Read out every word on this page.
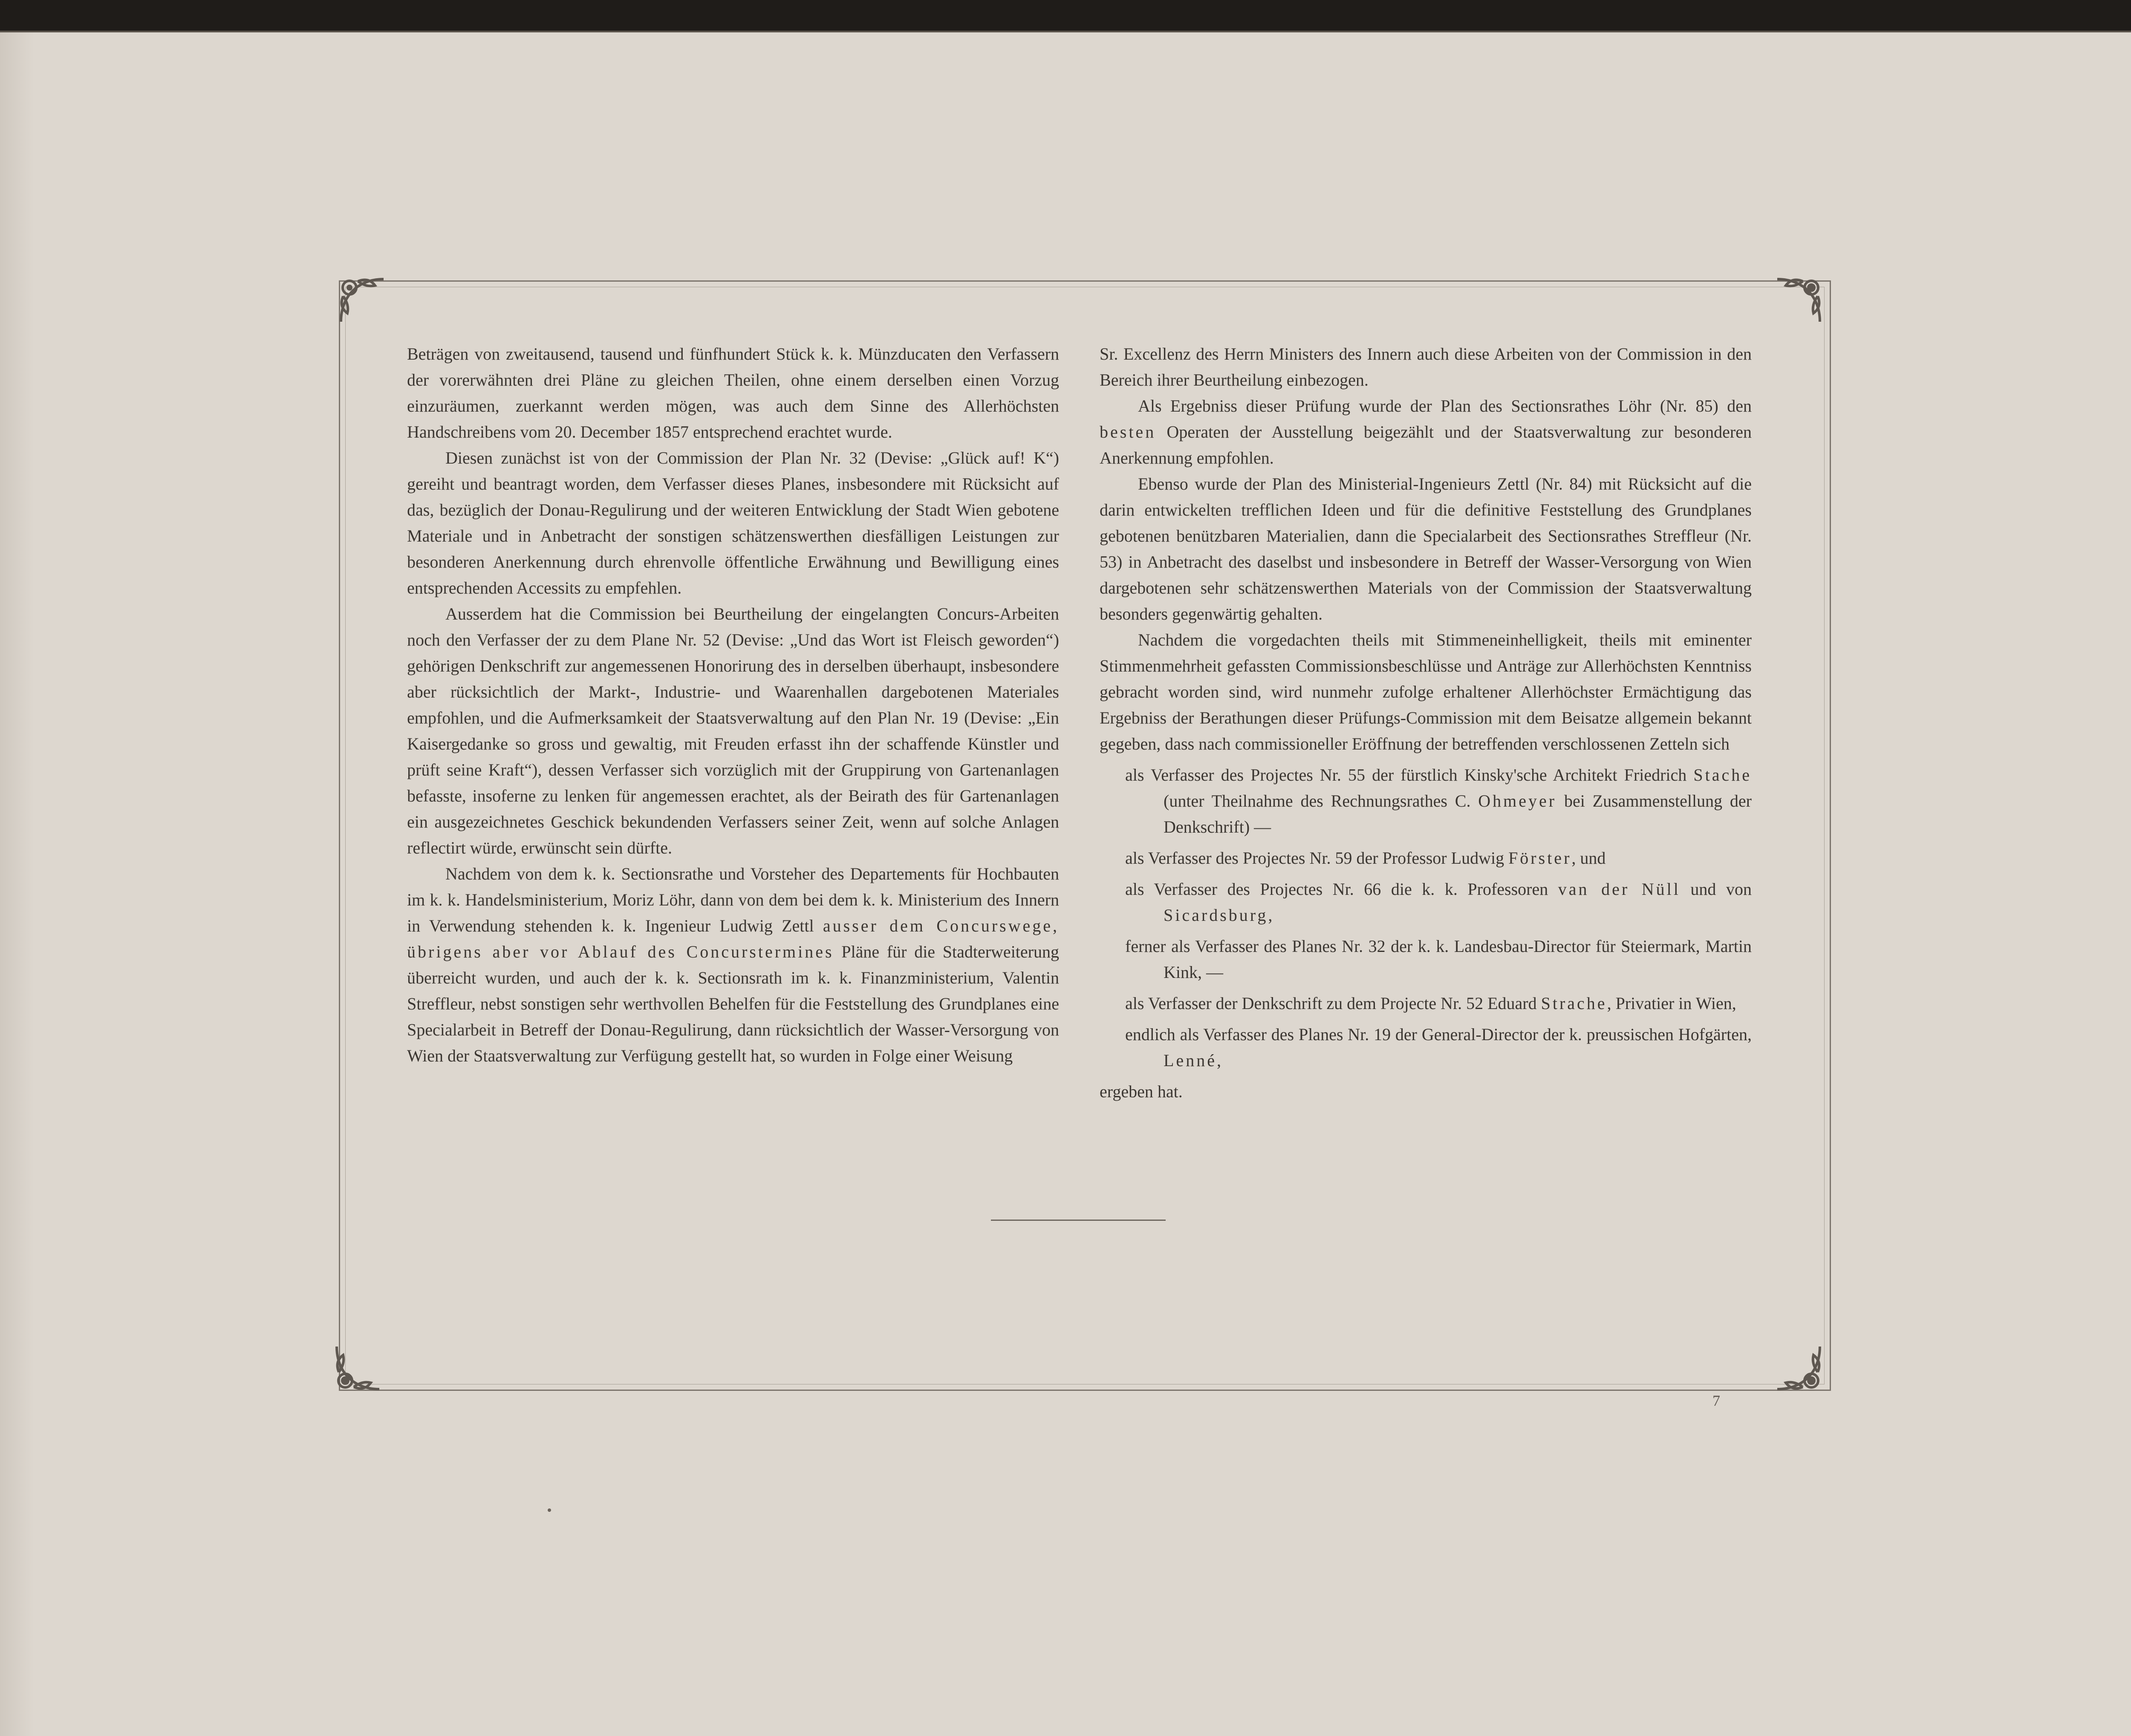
Beträgen von zweitausend, tausend und fünfhundert Stück k. k. Münzducaten den Verfassern der vorerwähnten drei Pläne zu gleichen Theilen, ohne einem derselben einen Vorzug einzuräumen, zuerkannt werden mögen, was auch dem Sinne des Allerhöchsten Handschreibens vom 20. December 1857 entsprechend erachtet wurde.

Diesen zunächst ist von der Commission der Plan Nr. 32 (Devise: „Glück auf! K“) gereiht und beantragt worden, dem Verfasser dieses Planes, insbesondere mit Rücksicht auf das, bezüglich der Donau-Regulirung und der weiteren Entwicklung der Stadt Wien gebotene Materiale und in Anbetracht der sonstigen schätzenswerthen diesfälligen Leistungen zur besonderen Anerkennung durch ehrenvolle öffentliche Erwähnung und Bewilligung eines entsprechenden Accessits zu empfehlen.

Ausserdem hat die Commission bei Beurtheilung der eingelangten Concurs-Arbeiten noch den Verfasser der zu dem Plane Nr. 52 (Devise: „Und das Wort ist Fleisch geworden“) gehörigen Denkschrift zur angemessenen Honorirung des in derselben überhaupt, insbesondere aber rücksichtlich der Markt-, Industrie- und Waarenhallen dargebotenen Materiales empfohlen, und die Aufmerksamkeit der Staatsverwaltung auf den Plan Nr. 19 (Devise: „Ein Kaisergedanke so gross und gewaltig, mit Freuden erfasst ihn der schaffende Künstler und prüft seine Kraft“), dessen Verfasser sich vorzüglich mit der Gruppirung von Gartenanlagen befasste, insoferne zu lenken für angemessen erachtet, als der Beirath des für Gartenanlagen ein ausgezeichnetes Geschick bekundenden Verfassers seiner Zeit, wenn auf solche Anlagen reflectirt würde, erwünscht sein dürfte.

Nachdem von dem k. k. Sectionsrathe und Vorsteher des Departements für Hochbauten im k. k. Handelsministerium, Moriz Löhr, dann von dem bei dem k. k. Ministerium des Innern in Verwendung stehenden k. k. Ingenieur Ludwig Zettl ausser dem Concurswege, übrigens aber vor Ablauf des Concurstermines Pläne für die Stadterweiterung überreicht wurden, und auch der k. k. Sectionsrath im k. k. Finanzministerium, Valentin Streffleur, nebst sonstigen sehr werthvollen Behelfen für die Feststellung des Grundplanes eine Specialarbeit in Betreff der Donau-Regulirung, dann rücksichtlich der Wasser-Versorgung von Wien der Staatsverwaltung zur Verfügung gestellt hat, so wurden in Folge einer Weisung

Sr. Excellenz des Herrn Ministers des Innern auch diese Arbeiten von der Commission in den Bereich ihrer Beurtheilung einbezogen.

Als Ergebniss dieser Prüfung wurde der Plan des Sectionsrathes Löhr (Nr. 85) den besten Operaten der Ausstellung beigezählt und der Staatsverwaltung zur besonderen Anerkennung empfohlen.

Ebenso wurde der Plan des Ministerial-Ingenieurs Zettl (Nr. 84) mit Rücksicht auf die darin entwickelten trefflichen Ideen und für die definitive Feststellung des Grundplanes gebotenen benützbaren Materialien, dann die Specialarbeit des Sectionsrathes Streffleur (Nr. 53) in Anbetracht des daselbst und insbesondere in Betreff der Wasser-Versorgung von Wien dargebotenen sehr schätzenswerthen Materials von der Commission der Staatsverwaltung besonders gegenwärtig gehalten.

Nachdem die vorgedachten theils mit Stimmeneinhelligkeit, theils mit eminenter Stimmenmehrheit gefassten Commissionsbeschlüsse und Anträge zur Allerhöchsten Kenntniss gebracht worden sind, wird nunmehr zufolge erhaltener Allerhöchster Ermächtigung das Ergebniss der Berathungen dieser Prüfungs-Commission mit dem Beisatze allgemein bekannt gegeben, dass nach commissioneller Eröffnung der betreffenden verschlossenen Zetteln sich

als Verfasser des Projectes Nr. 55 der fürstlich Kinsky'sche Architekt Friedrich Stache (unter Theilnahme des Rechnungsrathes C. Ohmeyer bei Zusammenstellung der Denkschrift) —

als Verfasser des Projectes Nr. 59 der Professor Ludwig Förster, und

als Verfasser des Projectes Nr. 66 die k. k. Professoren van der Nüll und von Sicardsburg,

ferner als Verfasser des Planes Nr. 32 der k. k. Landesbau-Director für Steiermark, Martin Kink, —

als Verfasser der Denkschrift zu dem Projecte Nr. 52 Eduard Strache, Privatier in Wien,

endlich als Verfasser des Planes Nr. 19 der General-Director der k. preussischen Hofgärten, Lenné,

ergeben hat.

7
